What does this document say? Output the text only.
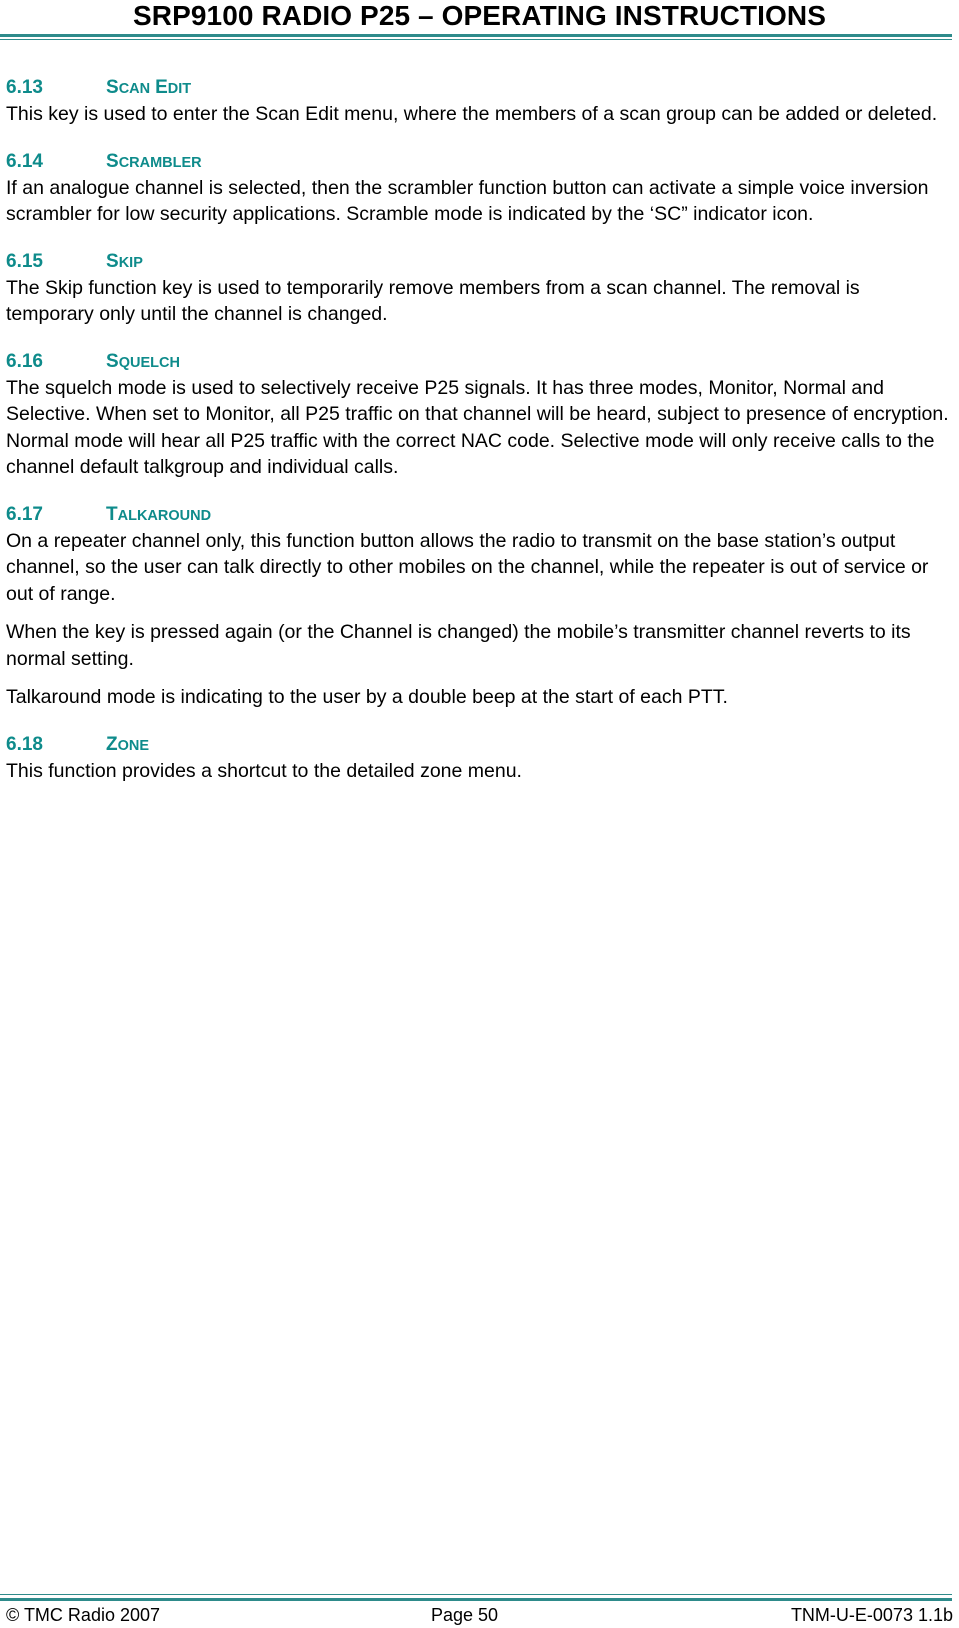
SRP9100 RADIO P25 – OPERATING INSTRUCTIONS
6.13	SCAN EDIT

This key is used to enter the Scan Edit menu, where the members of a scan group can be added or deleted.

6.14	SCRAMBLER

If an analogue channel is selected, then the scrambler function button can activate a simple voice inversion scrambler for low security applications. Scramble mode is indicated by the ‘SC” indicator icon.

6.15	SKIP

The Skip function key is used to temporarily remove members from a scan channel. The removal is temporary only until the channel is changed.

6.16	SQUELCH

The squelch mode is used to selectively receive P25 signals. It has three modes, Monitor, Normal and Selective. When set to Monitor, all P25 traffic on that channel will be heard, subject to presence of encryption. Normal mode will hear all P25 traffic with the correct NAC code. Selective mode will only receive calls to the channel default talkgroup and individual calls.

6.17	TALKAROUND

On a repeater channel only, this function button allows the radio to transmit on the base station’s output channel, so the user can talk directly to other mobiles on the channel, while the repeater is out of service or out of range.

When the key is pressed again (or the Channel is changed) the mobile’s transmitter channel reverts to its normal setting.

Talkaround mode is indicating to the user by a double beep at the start of each PTT.

6.18	ZONE

This function provides a shortcut to the detailed zone menu.

© TMC Radio 2007	Page 50	TNM-U-E-0073 1.1b
